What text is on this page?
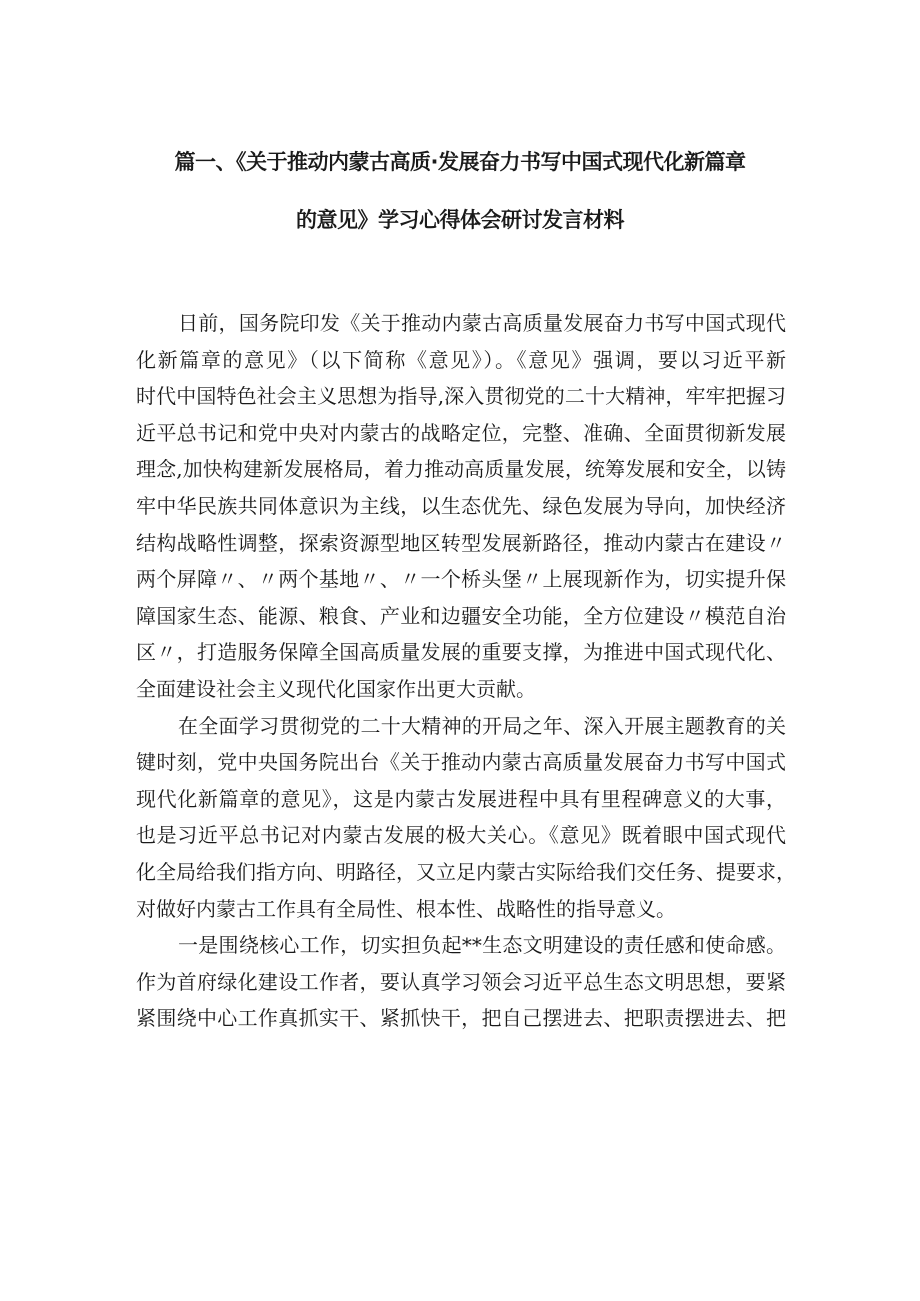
篇一、《关于推动内蒙古高质·发展奋力书写中国式现代化新篇章
的意见》学习心得体会研讨发言材料
日前，国务院印发《关于推动内蒙古高质量发展奋力书写中国式现代
化新篇章的意见》（以下简称《意见》）。《意见》强调，要以习近平新
时代中国特色社会主义思想为指导,深入贯彻党的二十大精神，牢牢把握习
近平总书记和党中央对内蒙古的战略定位，完整、准确、全面贯彻新发展
理念,加快构建新发展格局，着力推动高质量发展，统筹发展和安全，以铸
牢中华民族共同体意识为主线，以生态优先、绿色发展为导向，加快经济
结构战略性调整，探索资源型地区转型发展新路径，推动内蒙古在建设〃
两个屏障〃、〃两个基地〃、〃一个桥头堡〃上展现新作为，切实提升保
障国家生态、能源、粮食、产业和边疆安全功能，全方位建设〃模范自治
区〃，打造服务保障全国高质量发展的重要支撑，为推进中国式现代化、
全面建设社会主义现代化国家作出更大贡献。
在全面学习贯彻党的二十大精神的开局之年、深入开展主题教育的关
键时刻，党中央国务院出台《关于推动内蒙古高质量发展奋力书写中国式
现代化新篇章的意见》，这是内蒙古发展进程中具有里程碑意义的大事，
也是习近平总书记对内蒙古发展的极大关心。《意见》既着眼中国式现代
化全局给我们指方向、明路径，又立足内蒙古实际给我们交任务、提要求，
对做好内蒙古工作具有全局性、根本性、战略性的指导意义。
一是围绕核心工作，切实担负起**生态文明建设的责任感和使命感。
作为首府绿化建设工作者，要认真学习领会习近平总生态文明思想，要紧
紧围绕中心工作真抓实干、紧抓快干，把自己摆进去、把职责摆进去、把
